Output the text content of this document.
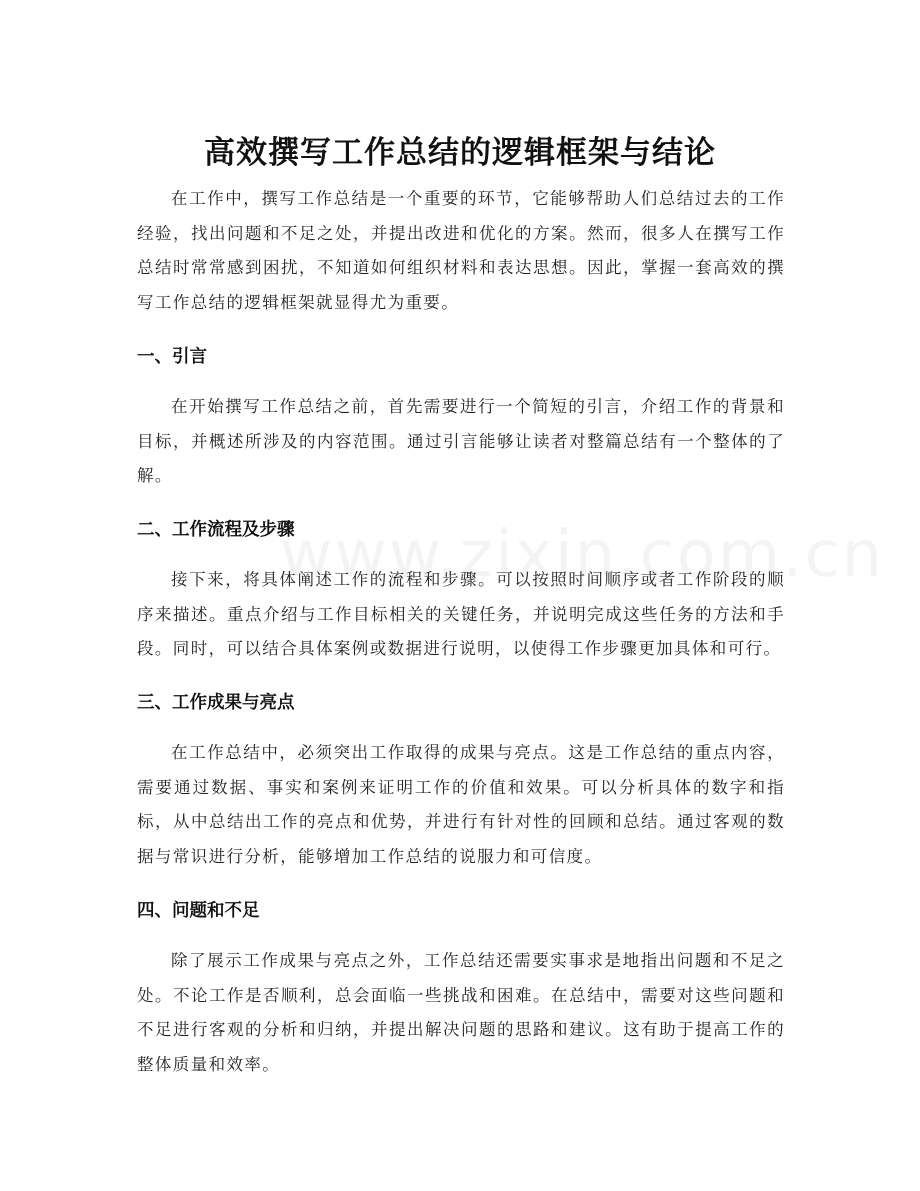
高效撰写工作总结的逻辑框架与结论

在工作中，撰写工作总结是一个重要的环节，它能够帮助人们总结过去的工作经验，找出问题和不足之处，并提出改进和优化的方案。然而，很多人在撰写工作总结时常常感到困扰，不知道如何组织材料和表达思想。因此，掌握一套高效的撰写工作总结的逻辑框架就显得尤为重要。

一、引言

在开始撰写工作总结之前，首先需要进行一个简短的引言，介绍工作的背景和目标，并概述所涉及的内容范围。通过引言能够让读者对整篇总结有一个整体的了解。

二、工作流程及步骤

接下来，将具体阐述工作的流程和步骤。可以按照时间顺序或者工作阶段的顺序来描述。重点介绍与工作目标相关的关键任务，并说明完成这些任务的方法和手段。同时，可以结合具体案例或数据进行说明，以使得工作步骤更加具体和可行。

三、工作成果与亮点

在工作总结中，必须突出工作取得的成果与亮点。这是工作总结的重点内容，需要通过数据、事实和案例来证明工作的价值和效果。可以分析具体的数字和指标，从中总结出工作的亮点和优势，并进行有针对性的回顾和总结。通过客观的数据与常识进行分析，能够增加工作总结的说服力和可信度。

四、问题和不足

除了展示工作成果与亮点之外，工作总结还需要实事求是地指出问题和不足之处。不论工作是否顺利，总会面临一些挑战和困难。在总结中，需要对这些问题和不足进行客观的分析和归纳，并提出解决问题的思路和建议。这有助于提高工作的整体质量和效率。
